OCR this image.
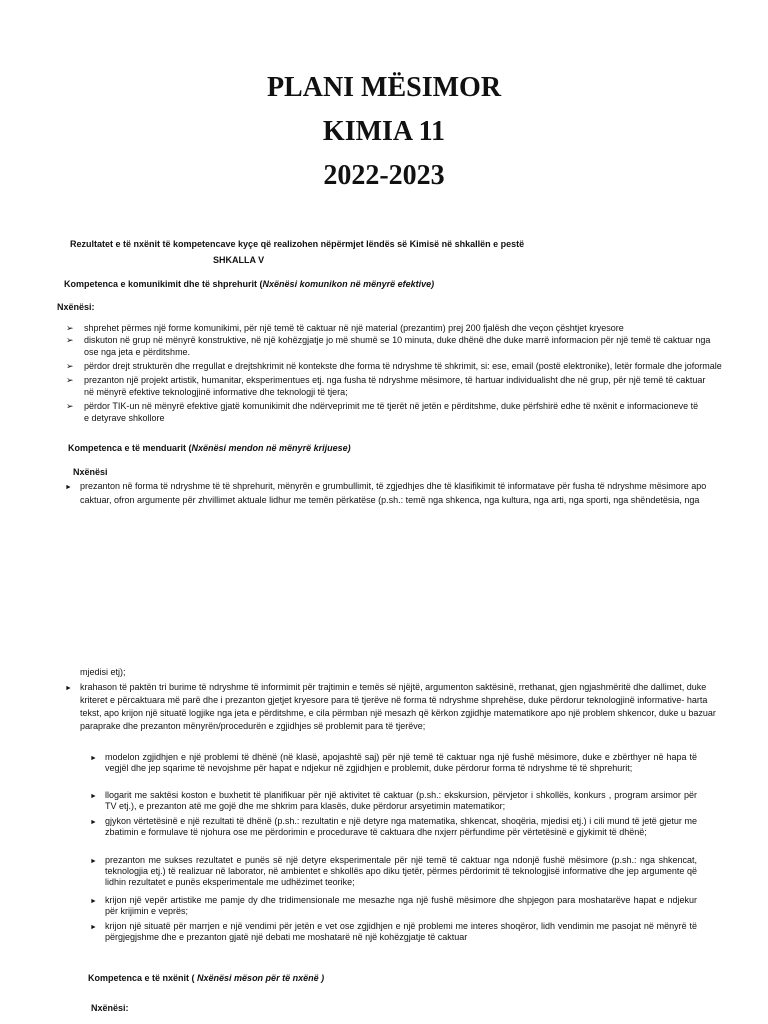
PLANI MËSIMOR
KIMIA 11
2022-2023
Rezultatet e të nxënit të kompetencave kyçe që realizohen nëpërmjet lëndës së Kimisë në shkallën e pestë
SHKALLA V
Kompetenca e komunikimit dhe të shprehurit (Nxënësi komunikon në mënyrë efektive)
Nxënësi:
➢
shprehet përmes një forme komunikimi, për një temë të caktuar në një material (prezantim) prej 200 fjalësh dhe veçon çështjet kryesore
➢
diskuton në grup në mënyrë konstruktive, në një kohëzgjatje jo më shumë se 10 minuta, duke dhënë dhe duke marrë informacion për një temë të caktuar nga
ose nga jeta e përditshme.
➢
përdor drejt strukturën dhe rregullat e drejtshkrimit në kontekste dhe forma të ndryshme të shkrimit, si: ese, email (postë elektronike), letër formale dhe joformale
➢
prezanton një projekt artistik, humanitar, eksperimentues etj. nga fusha të ndryshme mësimore, të hartuar individualisht dhe në grup, për një temë të caktuar
në mënyrë efektive teknologjinë informative dhe teknologji të tjera;
➢
përdor TIK-un në mënyrë efektive gjatë komunikimit dhe ndërveprimit me të tjerët në jetën e përditshme, duke përfshirë edhe të nxënit e informacioneve të
e detyrave shkollore
Kompetenca e të menduarit (Nxënësi mendon në mënyrë krijuese)
Nxënësi
►
prezanton në forma të ndryshme të të shprehurit, mënyrën e grumbullimit, të zgjedhjes dhe të klasifikimit të informatave për fusha të ndryshme mësimore apo
caktuar, ofron argumente për zhvillimet aktuale lidhur me temën përkatëse (p.sh.: temë nga shkenca, nga kultura, nga arti, nga sporti, nga shëndetësia, nga
mjedisi etj);
►
krahason të paktën tri burime të ndryshme të informimit për trajtimin e temës së njëjtë, argumenton saktësinë, rrethanat, gjen ngjashmëritë dhe dallimet, duke
kriteret e përcaktuara më parë dhe i prezanton gjetjet kryesore para të tjerëve në forma të ndryshme shprehëse, duke përdorur teknologjinë informative- harta
tekst, apo krijon një situatë logjike nga jeta e përditshme, e cila përmban një mesazh që kërkon zgjidhje matematikore apo një problem shkencor, duke u bazuar
paraprake dhe prezanton mënyrën/procedurën e zgjidhjes së problemit para të tjerëve;
►
modelon zgjidhjen e një problemi të dhënë (në klasë, apojashtë saj) për një temë të caktuar nga një fushë mësimore, duke e zbërthyer në hapa të vegjël dhe jep sqarime të nevojshme për hapat e ndjekur në zgjidhjen e problemit, duke përdorur forma të ndryshme të të shprehurit;
►
llogarit me saktësi koston e buxhetit të planifikuar për një aktivitet të caktuar (p.sh.: ekskursion, përvjetor i shkollës, konkurs , program arsimor për TV etj.), e prezanton atë me gojë dhe me shkrim para klasës, duke përdorur arsyetimin matematikor;
►
gjykon vërtetësinë e një rezultati të dhënë (p.sh.: rezultatin e një detyre nga matematika, shkencat, shoqëria, mjedisi etj.) i cili mund të jetë gjetur me zbatimin e formulave të njohura ose me përdorimin e procedurave të caktuara dhe nxjerr përfundime për vërtetësinë e gjykimit të dhënë;
►
prezanton me sukses rezultatet e punës së një detyre eksperimentale për një temë të caktuar nga ndonjë fushë mësimore (p.sh.: nga shkencat, teknologjia etj.) të realizuar në laborator, në ambientet e shkollës apo diku tjetër, përmes përdorimit të teknologjisë informative dhe jep argumente që lidhin rezultatet e punës eksperimentale me udhëzimet teorike;
►
krijon një vepër artistike me pamje dy dhe tridimensionale me mesazhe nga një fushë mësimore dhe shpjegon para moshatarëve hapat e ndjekur për krijimin e veprës;
►
krijon një situatë për marrjen e një vendimi për jetën e vet ose zgjidhjen e një problemi me interes shoqëror, lidh vendimin me pasojat në mënyrë të përgjegjshme dhe e prezanton gjatë një debati me moshatarë në një kohëzgjatje të caktuar
Kompetenca e të nxënit ( Nxënësi mëson për të nxënë )
Nxënësi:
